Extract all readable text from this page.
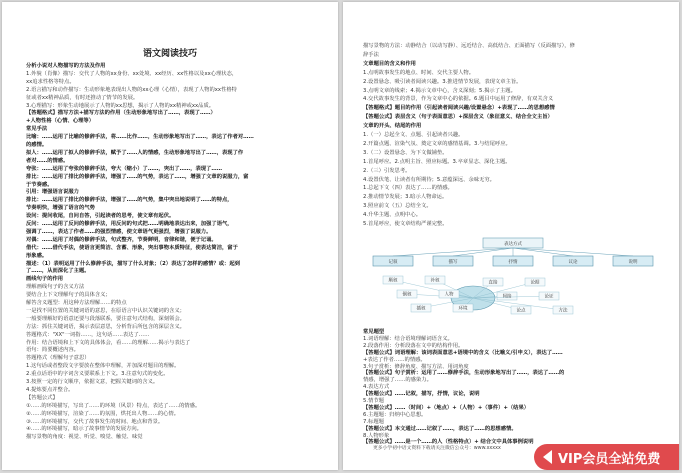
语文阅读技巧
分析小说对人物描写的方法及作用
1.外貌（肖像）描写：交代了人物的xx身份、xx处境、xx经历、xx性格以及xx心理状态，
xx追求性格等特点。
2.语言描写和动作描写：生动形象地表现出人物的xx心理（心情），表现了人物的xx性格特
征或者xx精神品质，有时还推动了情节的发展。
3.心理描写：形象生动地展示了人物的xx思想，揭示了人物的xx精神或xx品质。
【答题格式】描写方法+描写方法的作用（生动形象地写出了……，表现了……）
+人物性格（心情、心理等）
常见手法
比喻：……运用了比喻的修辞手法，将……比作……，生动形象地写出了……，表达了作者对……
的感情。
拟人：……运用了拟人的修辞手法，赋予了……人的情感，生动形象地写出了……，表现了作
者对……的情感。
夸张：……运用了夸张的修辞手法，夸大（缩小）了……，突出了……，表现了……
排比：……运用了排比的修辞手法，增强了……的气势，表达了……，增强了文章的说服力，富
于节奏感。
引用：增强语言说服力
排比：……运用了排比的修辞手法，增强了……的气势，集中突出地说明了……的特点，
节奏明快，增强了语言的气势
设问：提问收尾，自问自答，引起读者的思考，使文章有起伏。
反问：……运用了反问的修辞手法，用反问的句式把……明确地表达出来，加强了语气，
强调了……，表达了作者……的强烈情感，使文章语气更强烈，增强了说服力。
对偶：……运用了对偶的修辞手法，句式整齐，节奏鲜明，音律和谐，便于记诵。
借代：……借代手法，使语言更简洁、含蓄、形象，突出事物本质特征，使表达简洁，富于
形象感。
描述：（1）表明运用了什么修辞手法，描写了什么对象；（2）表达了怎样的感情？或：起到
了……，从而深化了主题。
画线句子的作用
理解画线句子的含义方法
要结合上下文理解句子的具体含义；
解答含义题型：用这种方法理解……的特点
一是找不同位置的关键词语的意思，在原语言中认识关键词的含义；
一般要理解好的语意还要与段落联系，要注意句式结构，深刻领会。
方法：抓住关键词语，揭示表层意思，分析背后所包含的深层含义。
答题格式："XX"一词指……，这句话……表达了……
作用：结合语境和上下文的具体体会，看……的理解……揭示与表达了
语句：简要概述内容。
答题格式（理解句子意思）
1.这句话或者整段文字要放在整体中理解，并加深对题目的理解。
2.重点话语中的字词含义要联系上下文。3.注意句式的变化。
3.按照一定的行文顺序，依据文意，把握关键词的含义。
4.提炼要点并整合。
【答题公式】
①……的环境描写，写出了……的环境（风景）特点，表达了……的情感。
②……的环境描写，渲染了……的氛围，烘托出人物……的心情。
③……的环境描写，交代了故事发生的时间、地点和背景。
④……的环境描写，暗示了故事情节的发展方向。
描写景物的角度：视觉、听觉、嗅觉、触觉、味觉
描写景物的方法：动静结合（以动写静）、远近结合、高低结合、正面描写（反面描写），修
辞手法
文章题目的含义和作用
1.点明故事发生的地点、时间、交代主要人物。
2.设置悬念、吸引读者阅读兴趣。3.推进情节发展，表现文章主旨。
3.点明文章的线索；4.揭示文章中心，含义深刻；5.揭示了主题。
4.交代故事发生的背景，作为文章中心的依据。6.题目中运用了修辞，有双关含义
【答题格式】题目的作用（引起读者阅读兴趣/设置悬念）+表现了……的思想感情
【答题公式】表层含义（句子表面意思）+深层含义（象征意义、结合全文主旨）
文章的开头、结尾的作用
1.（一）总起全文、点题、引起读者兴趣。
2.开篇点题、渲染气氛、奠定文章的感情基调。3.与结尾呼应。
3.（二）设置悬念、为下文做铺垫。
1.首尾呼应。2.点明主旨、照应标题。3.卒章显志、深化主题。
2.（三）引发思考。
4.设置伏笔、让读者有所期待；5.意蕴深远、余味无穷。
1.总起下文（四）表达了……的情感。
2.推动情节发展；3.暗示人物命运。
3.照应前文（五）总结全文。
4.升华主题、点明中心。
5.首尾呼应，使文章结构严谨完整。
表达方式
记叙	描写	抒情	议论	说明
顺叙
倒叙
插叙
补叙
人物
环境
直接
论点
论据
论证
方法
常见题型
1.词语理解：结合语境理解词语含义。
2.段落作用：分析段落在文中的结构作用。
【答题公式】词语理解：该词表面意思+语境中的含义（比喻义/引申义），表达了……
+表达了作者……的情感。
3.句子赏析：修辞角度、描写方法、用词角度
【答题公式】句子赏析：运用了……修辞手法，生动形象地写出了……，表达了……的
情感，增强了……的感染力。
4.表达方式
【答题公式】……记叙，描写，抒情，议论，说明
5.情节题
【答题公式】……（时间）+（地点）+（人物）+（事件）+（结果）
6.主题题：归纳中心思想。
7.标题题
【答题公式】本文通过……记叙了……，表达了……的思想感情。
8.人物形象
【答题公式】……是一个……的人（性格特点）+ 结合文中具体事例说明
更多小学初中语文资料下载请关注微信公众号：www.xxxxx
VIP会员全站免费
